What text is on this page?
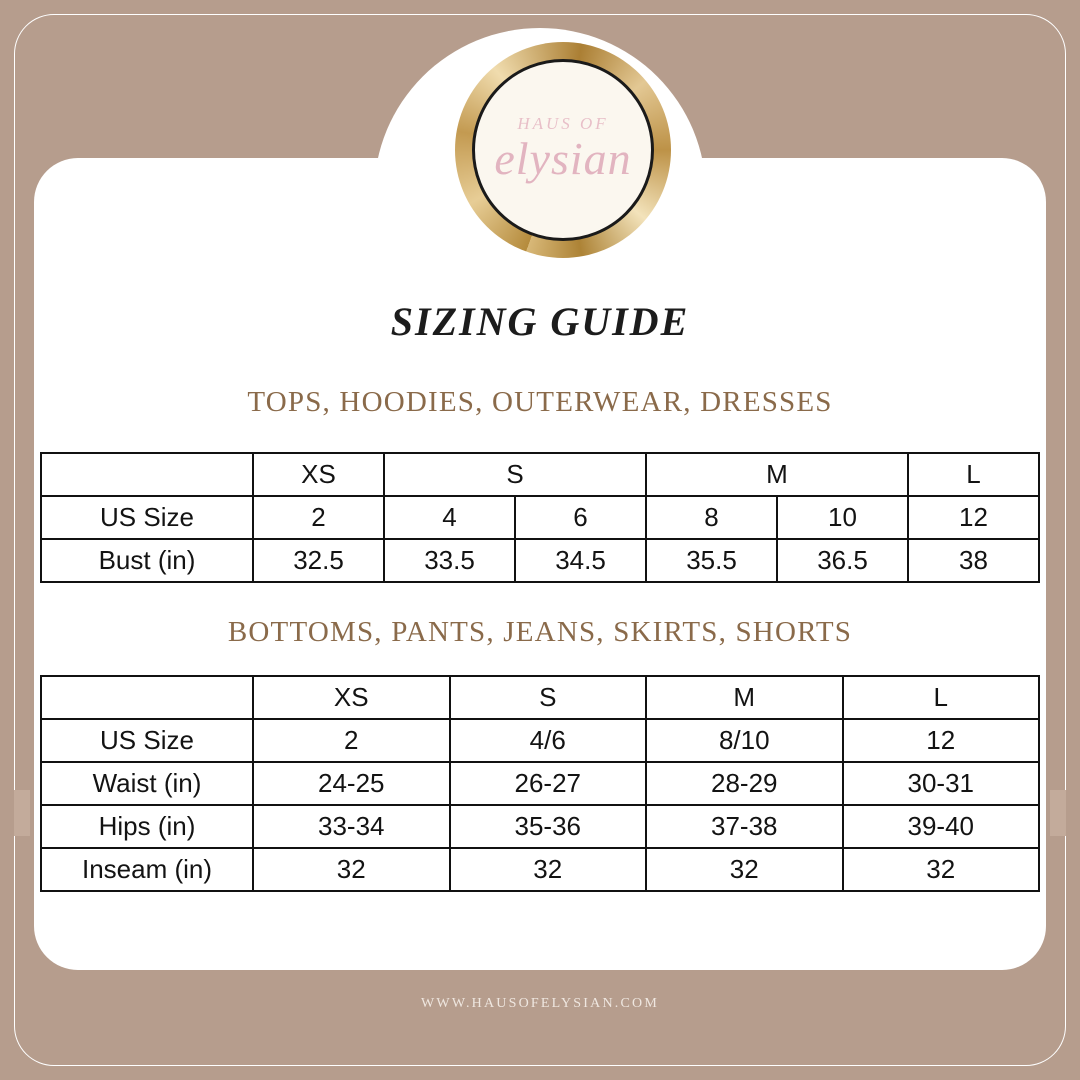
HAUS OF
elysian
SIZING GUIDE
TOPS, HOODIES, OUTERWEAR, DRESSES
	XS	S		M		L
US Size	2	4	6	8	10	12
Bust (in)	32.5	33.5	34.5	35.5	36.5	38
BOTTOMS, PANTS, JEANS, SKIRTS, SHORTS
	XS	S	M	L
US Size	2	4/6	8/10	12
Waist (in)	24-25	26-27	28-29	30-31
Hips (in)	33-34	35-36	37-38	39-40
Inseam (in)	32	32	32	32
WWW.HAUSOFELYSIAN.COM
